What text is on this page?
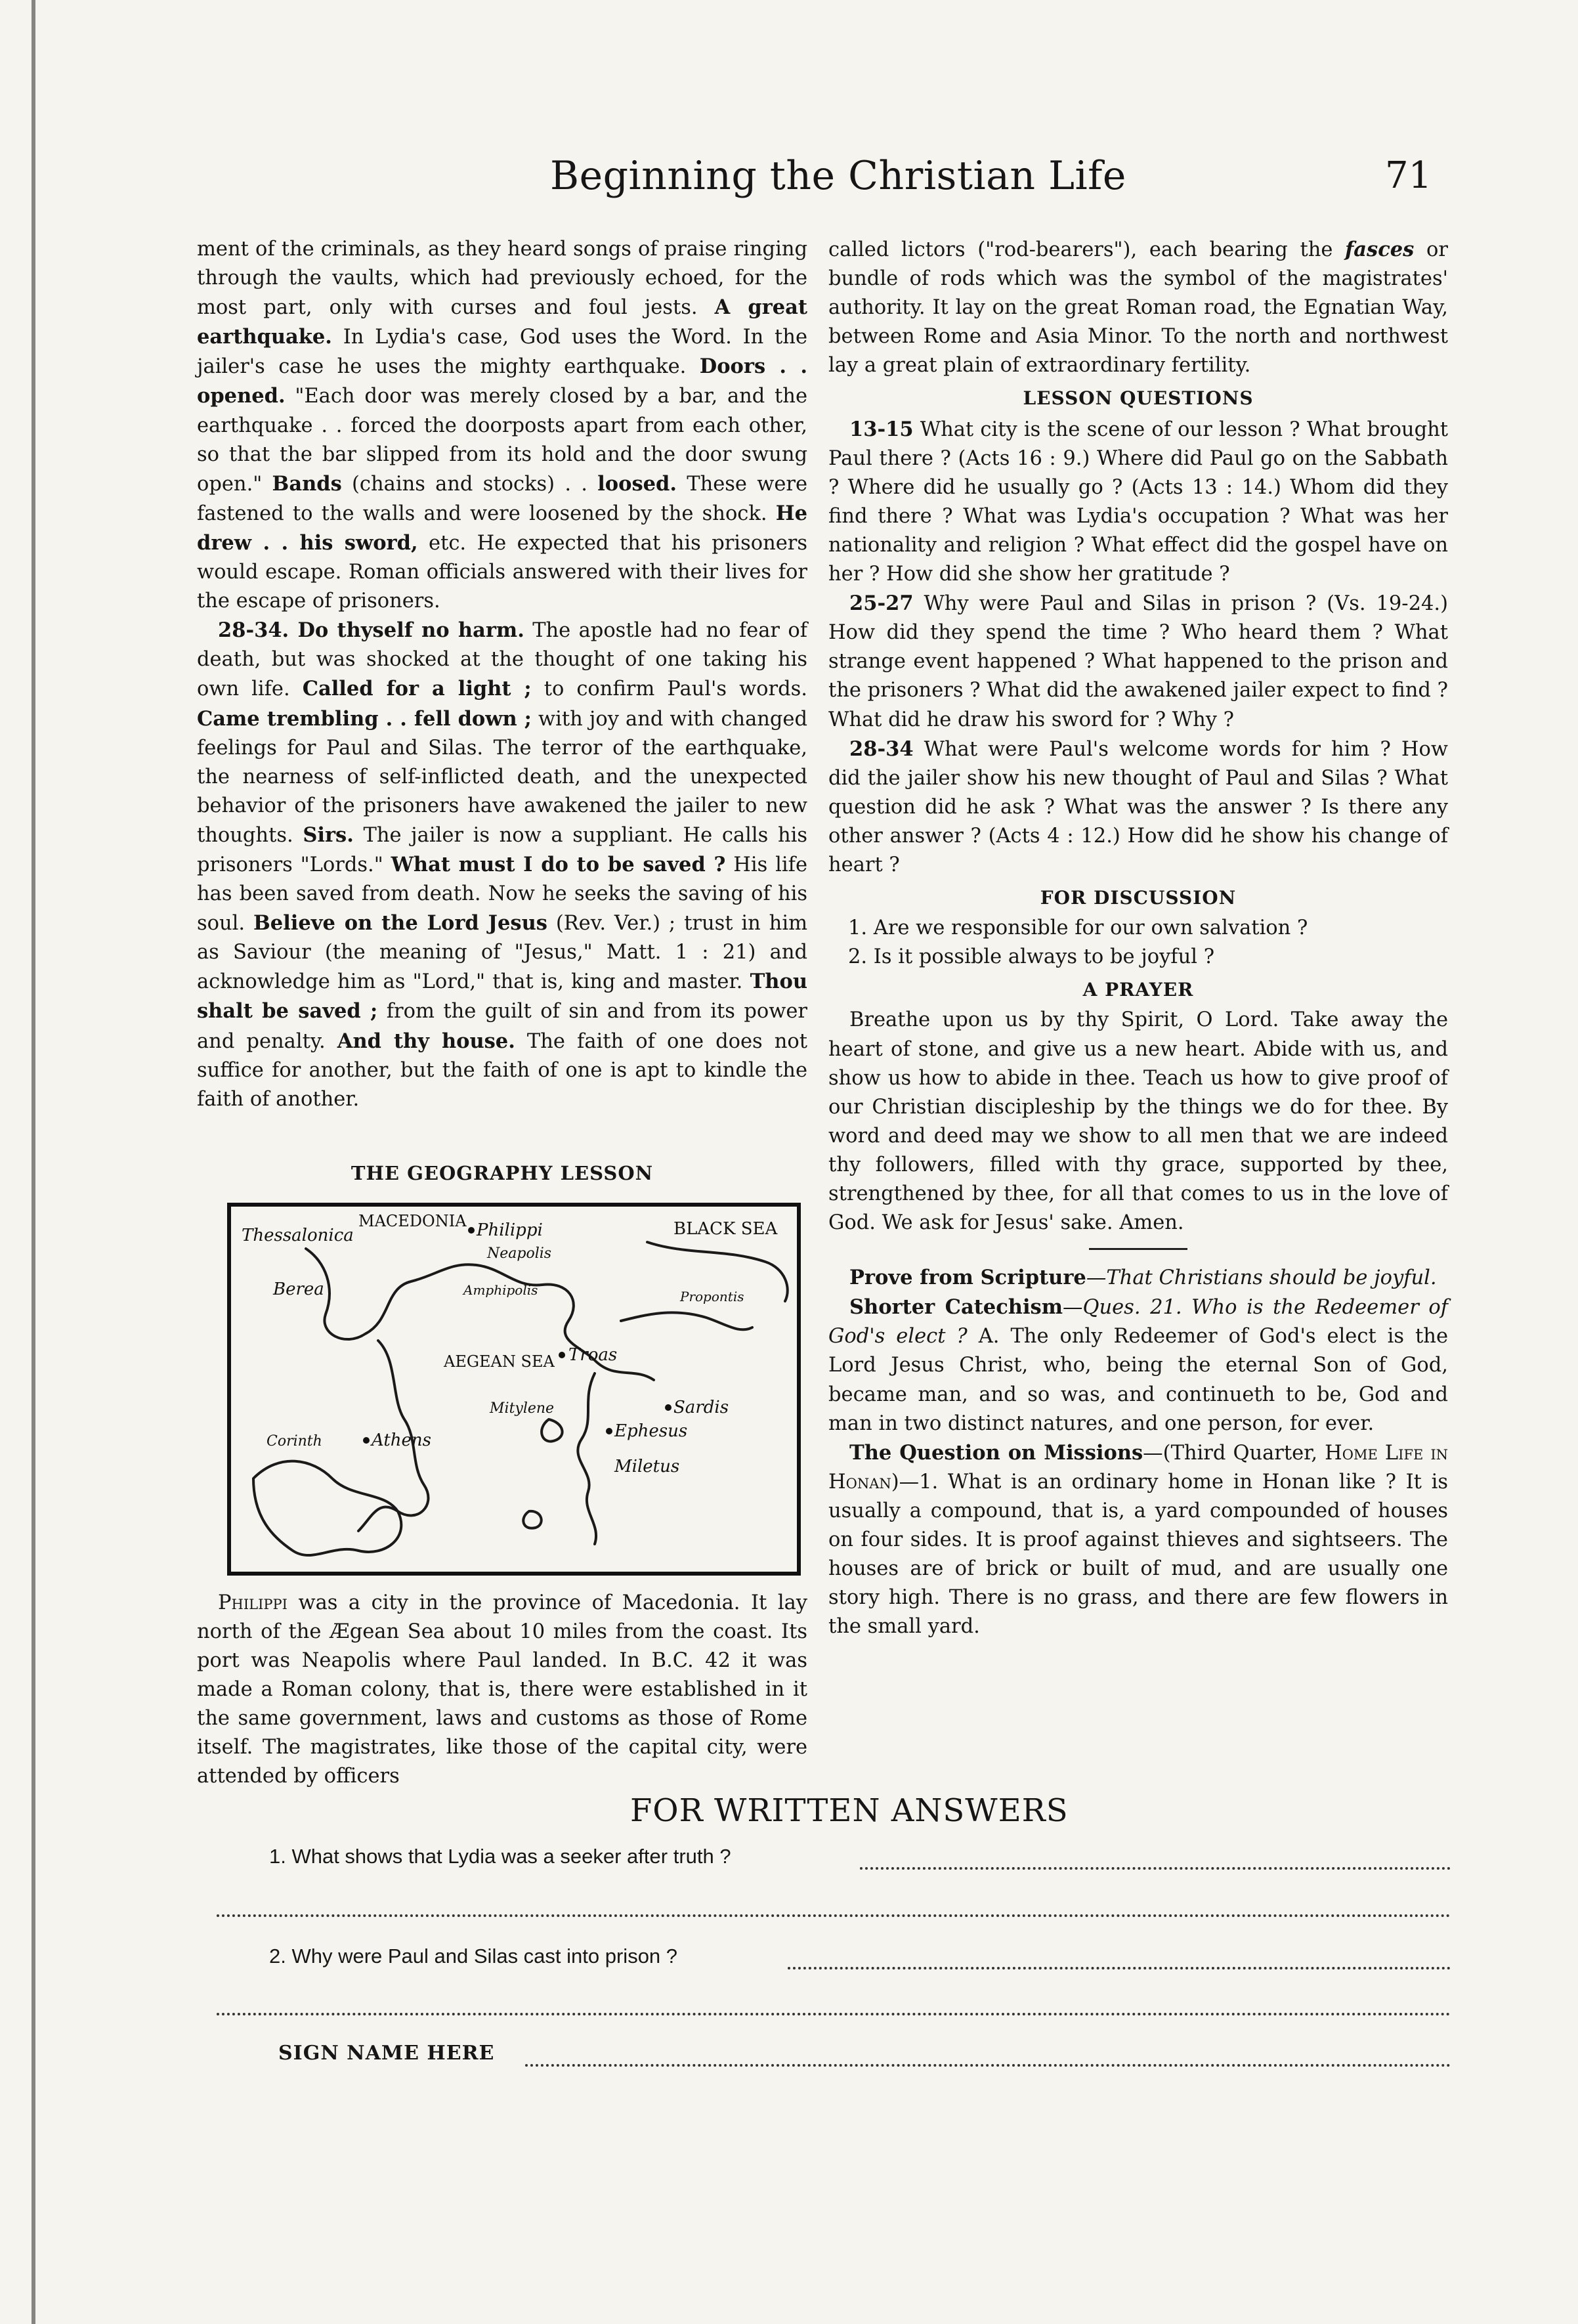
Beginning the Christian Life	71

ment of the criminals, as they heard songs of praise ringing through the vaults, which had previously echoed, for the most part, only with curses and foul jests. A great earthquake. In Lydia's case, God uses the Word. In the jailer's case he uses the mighty earthquake. Doors . . opened. "Each door was merely closed by a bar, and the earthquake . . forced the doorposts apart from each other, so that the bar slipped from its hold and the door swung open." Bands (chains and stocks) . . loosed. These were fastened to the walls and were loosened by the shock. He drew . . his sword, etc. He expected that his prisoners would escape. Roman officials answered with their lives for the escape of prisoners.

28-34. Do thyself no harm. The apostle had no fear of death, but was shocked at the thought of one taking his own life. Called for a light ; to confirm Paul's words. Came trembling . . fell down ; with joy and with changed feelings for Paul and Silas. The terror of the earthquake, the nearness of self-inflicted death, and the unexpected behavior of the prisoners have awakened the jailer to new thoughts. Sirs. The jailer is now a suppliant. He calls his prisoners "Lords." What must I do to be saved ? His life has been saved from death. Now he seeks the saving of his soul. Believe on the Lord Jesus (Rev. Ver.) ; trust in him as Saviour (the meaning of "Jesus," Matt. 1 : 21) and acknowledge him as "Lord," that is, king and master. Thou shalt be saved ; from the guilt of sin and from its power and penalty. And thy house. The faith of one does not suffice for another, but the faith of one is apt to kindle the faith of another.

THE GEOGRAPHY LESSON
Thessalonica
MACEDONIA Philippi
Neapolis
BLACK SEA
Berea	Amphipolis	Propontis
Troas
AEGEAN SEA
Mitylene	Sardis
Corinth	Athens	Ephesus
Miletus

Philippi was a city in the province of Macedonia. It lay north of the Ægean Sea about 10 miles from the coast. Its port was Neapolis where Paul landed. In B.C. 42 it was made a Roman colony, that is, there were established in it the same government, laws and customs as those of Rome itself. The magistrates, like those of the capital city, were attended by officers

called lictors ("rod-bearers"), each bearing the fasces or bundle of rods which was the symbol of the magistrates' authority. It lay on the great Roman road, the Egnatian Way, between Rome and Asia Minor. To the north and northwest lay a great plain of extraordinary fertility.

LESSON QUESTIONS

13-15 What city is the scene of our lesson ? What brought Paul there ? (Acts 16 : 9.) Where did Paul go on the Sabbath ? Where did he usually go ? (Acts 13 : 14.) Whom did they find there ? What was Lydia's occupation ? What was her nationality and religion ? What effect did the gospel have on her ? How did she show her gratitude ?

25-27 Why were Paul and Silas in prison ? (Vs. 19-24.) How did they spend the time ? Who heard them ? What strange event happened ? What happened to the prison and the prisoners ? What did the awakened jailer expect to find ? What did he draw his sword for ? Why ?

28-34 What were Paul's welcome words for him ? How did the jailer show his new thought of Paul and Silas ? What question did he ask ? What was the answer ? Is there any other answer ? (Acts 4 : 12.) How did he show his change of heart ?

FOR DISCUSSION

1. Are we responsible for our own salvation ?

2. Is it possible always to be joyful ?

A PRAYER

Breathe upon us by thy Spirit, O Lord. Take away the heart of stone, and give us a new heart. Abide with us, and show us how to abide in thee. Teach us how to give proof of our Christian discipleship by the things we do for thee. By word and deed may we show to all men that we are indeed thy followers, filled with thy grace, supported by thee, strengthened by thee, for all that comes to us in the love of God. We ask for Jesus' sake. Amen.

Prove from Scripture—That Christians should be joyful.

Shorter Catechism—Ques. 21. Who is the Redeemer of God's elect ? A. The only Redeemer of God's elect is the Lord Jesus Christ, who, being the eternal Son of God, became man, and so was, and continueth to be, God and man in two distinct natures, and one person, for ever.

The Question on Missions—(Third Quarter, Home Life in Honan)—1. What is an ordinary home in Honan like ? It is usually a compound, that is, a yard compounded of houses on four sides. It is proof against thieves and sightseers. The houses are of brick or built of mud, and are usually one story high. There is no grass, and there are few flowers in the small yard.

FOR WRITTEN ANSWERS
1. What shows that Lydia was a seeker after truth ?
2. Why were Paul and Silas cast into prison ?
SIGN NAME HERE
